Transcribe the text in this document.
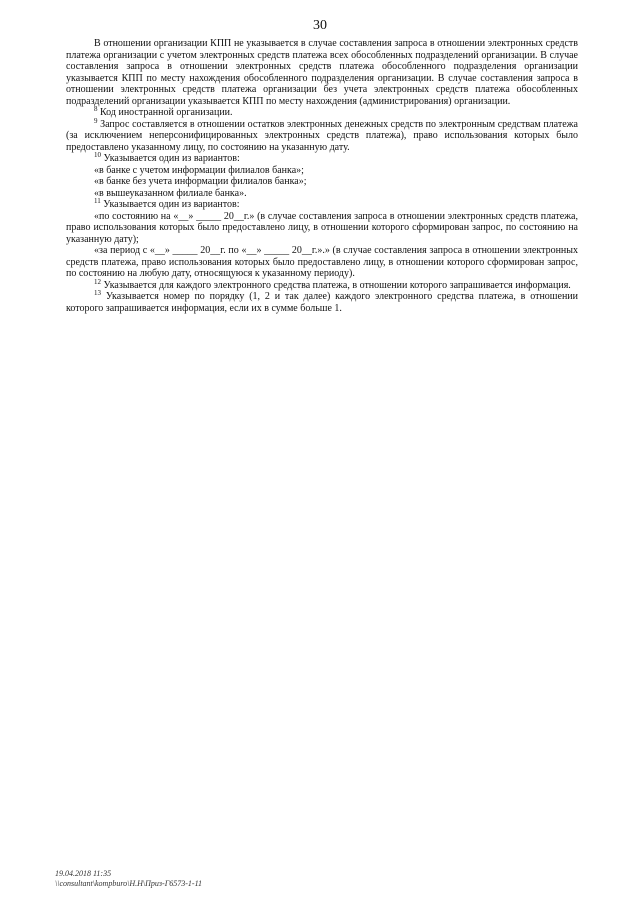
30

В отношении организации КПП не указывается в случае составления запроса в отношении электронных средств платежа организации с учетом электронных средств платежа всех обособленных подразделений организации. В случае составления запроса в отношении электронных средств платежа обособленного подразделения организации указывается КПП по месту нахождения обособленного подразделения организации. В случае составления запроса в отношении электронных средств платежа организации без учета электронных средств платежа обособленных подразделений организации указывается КПП по месту нахождения (администрирования) организации.

$^8$ Код иностранной организации.

$^9$ Запрос составляется в отношении остатков электронных денежных средств по электронным средствам платежа (за исключением неперсонифицированных электронных средств платежа), право использования которых было предоставлено указанному лицу, по состоянию на указанную дату.

$^{10}$ Указывается один из вариантов:

«в банке с учетом информации филиалов банка»;

«в банке без учета информации филиалов банка»;

«в вышеуказанном филиале банка».

$^{11}$ Указывается один из вариантов:

«по состоянию на «__» _____ 20__г.» (в случае составления запроса в отношении электронных средств платежа, право использования которых было предоставлено лицу, в отношении которого сформирован запрос, по состоянию на указанную дату);

«за период с «__» _____ 20__г. по «__» _____ 20__г.».» (в случае составления запроса в отношении электронных средств платежа, право использования которых было предоставлено лицу, в отношении которого сформирован запрос, по состоянию на любую дату, относящуюся к указанному периоду).

$^{12}$ Указывается для каждого электронного средства платежа, в отношении которого запрашивается информация.

$^{13}$ Указывается номер по порядку (1, 2 и так далее) каждого электронного средства платежа, в отношении которого запрашивается информация, если их в сумме больше 1.

19.04.2018 11:35
\\consultant\kompburo\Н.Н\Приз-Г6573-1-11
